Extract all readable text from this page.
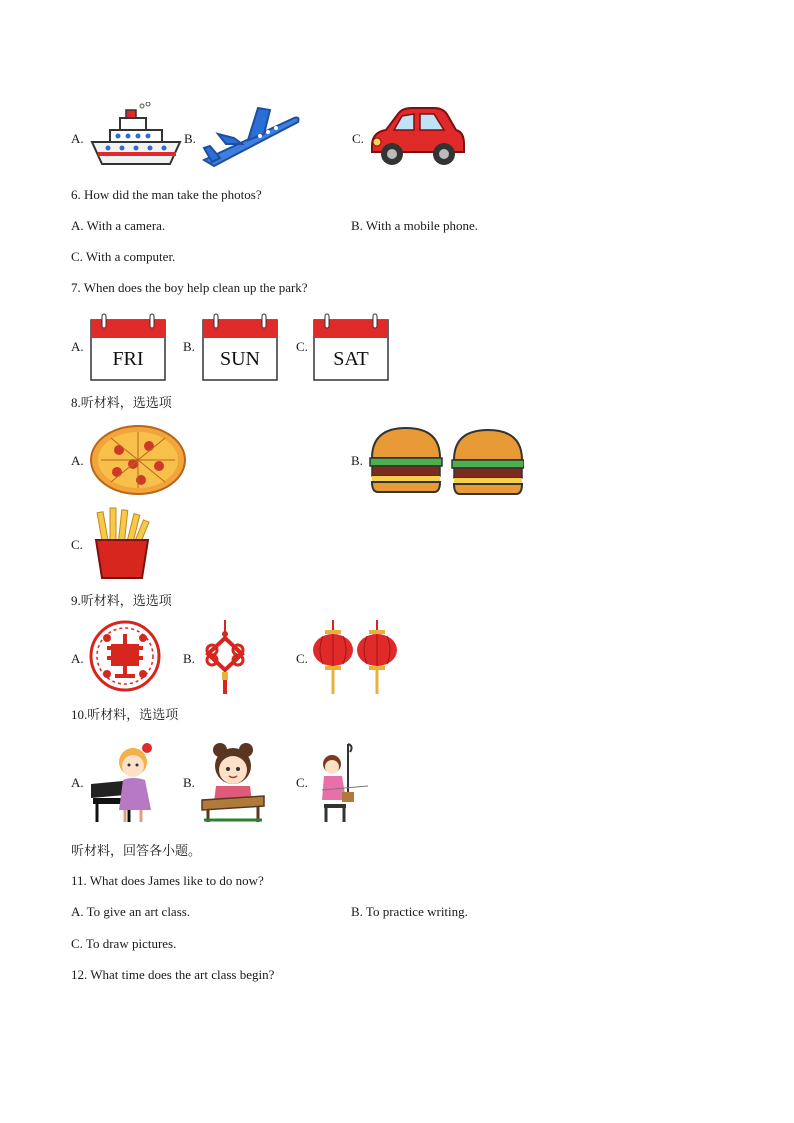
A.	B.	C.
6. How did the man take the photos?
A. With a camera.	B. With a mobile phone.
C. With a computer.
7. When does the boy help clean up the park?
A.
FRI
B.
SUN
C.
SAT
8.听材料，选选项
A.	B.
C.
9.听材料，选选项
A.	B.	C.
10.听材料，选选项
A.	B.	C.
听材料，回答各小题。
11. What does James like to do now?
A. To give an art class.	B. To practice writing.
C. To draw pictures.
12. What time does the art class begin?
